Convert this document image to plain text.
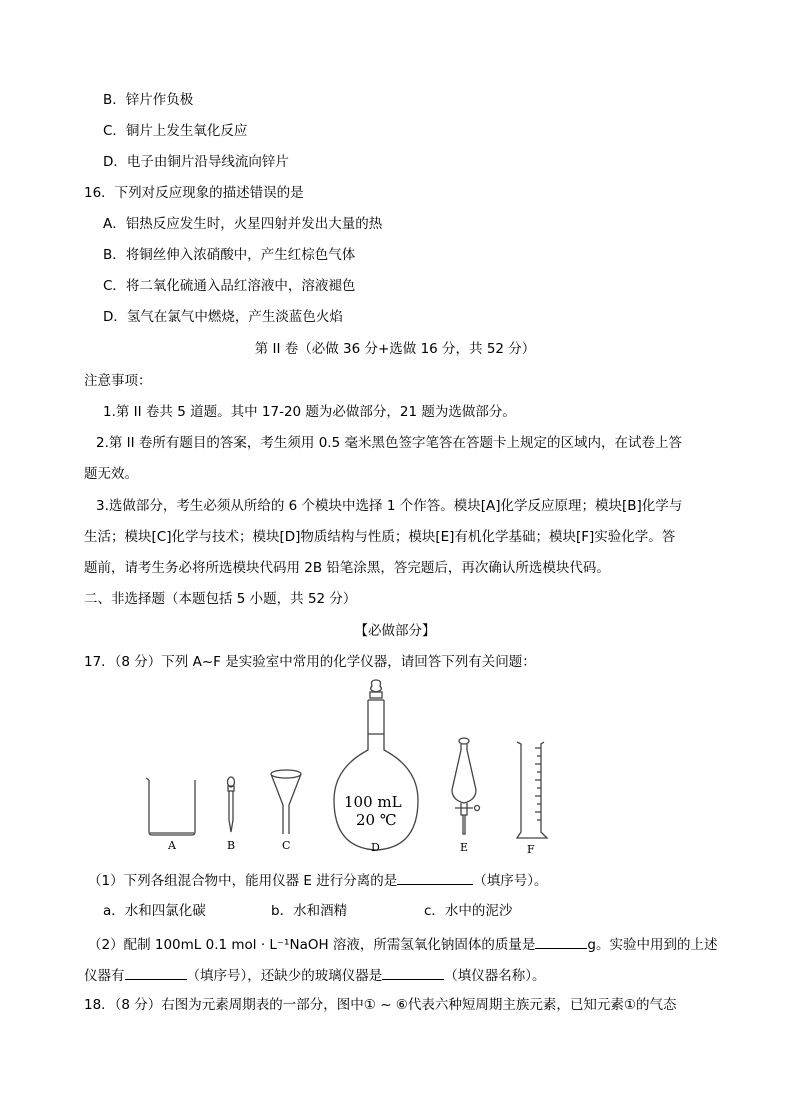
B．锌片作负极
C．铜片上发生氧化反应
D．电子由铜片沿导线流向锌片
16．下列对反应现象的描述错误的是
A．铝热反应发生时，火星四射并发出大量的热
B．将铜丝伸入浓硝酸中，产生红棕色气体
C．将二氧化硫通入品红溶液中，溶液褪色
D．氢气在氯气中燃烧，产生淡蓝色火焰
第 II 卷（必做 36 分+选做 16 分，共 52 分）
注意事项：
1.第 II 卷共 5 道题。其中 17-20 题为必做部分，21 题为选做部分。
2.第 II 卷所有题目的答案，考生须用 0.5 毫米黑色签字笔答在答题卡上规定的区域内，在试卷上答
题无效。
3.选做部分，考生必须从所给的 6 个模块中选择 1 个作答。模块[A]化学反应原理；模块[B]化学与
生活；模块[C]化学与技术；模块[D]物质结构与性质；模块[E]有机化学基础；模块[F]实验化学。答
题前，请考生务必将所选模块代码用 2B 铅笔涂黑，答完题后，再次确认所选模块代码。
二、非选择题（本题包括 5 小题，共 52 分）
【必做部分】
17．（8 分）下列 A~F 是实验室中常用的化学仪器，请回答下列有关问题：
100 mL
20 ℃
A	B	C	D	E	F
（1）下列各组混合物中，能用仪器 E 进行分离的是	（填序号）。
a．水和四氯化碳	b．水和酒精	c．水中的泥沙
（2）配制 100mL 0.1 mol · L⁻¹NaOH 溶液，所需氢氧化钠固体的质量是	g。实验中用到的上述
仪器有	（填序号），还缺少的玻璃仪器是	（填仪器名称）。
18．（8 分）右图为元素周期表的一部分，图中① ~ ⑥代表六种短周期主族元素，已知元素①的气态
